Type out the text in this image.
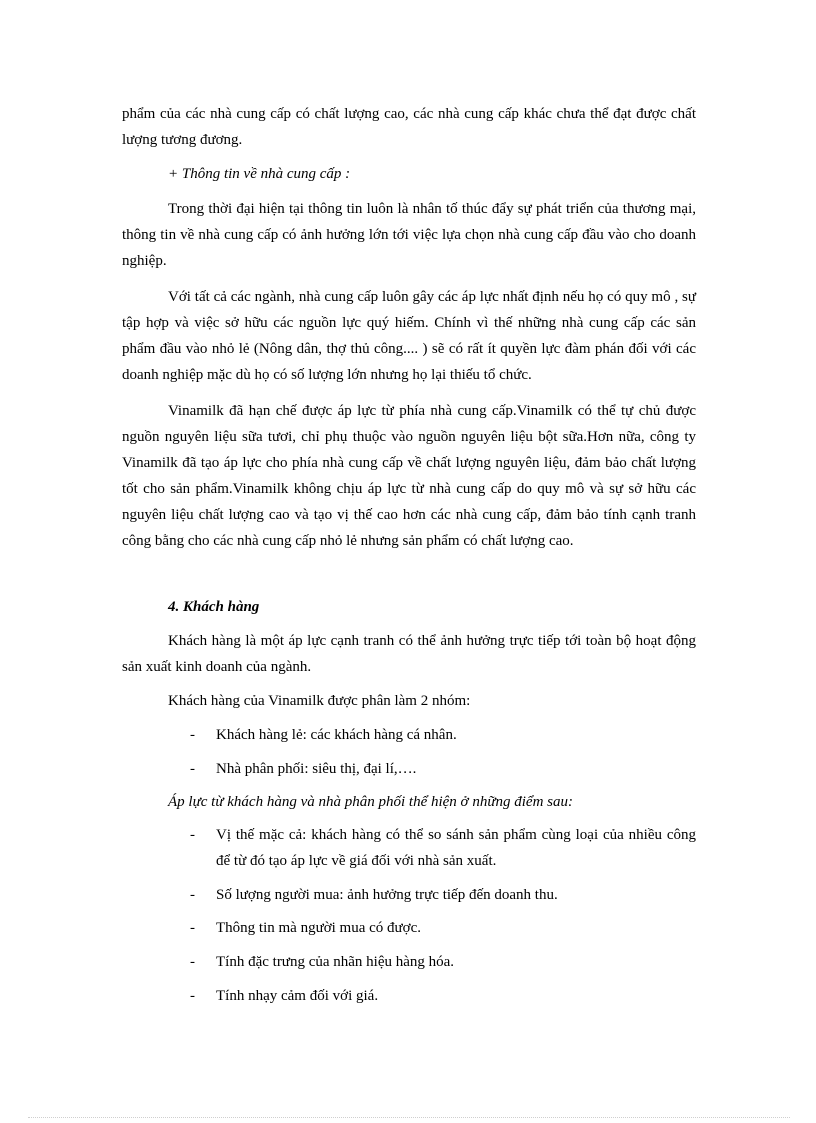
phẩm của các nhà cung cấp có chất lượng cao, các nhà cung cấp khác chưa thể đạt được chất lượng tương đương.

+ Thông tin về nhà cung cấp :

Trong thời đại hiện tại thông tin luôn là nhân tố thúc đẩy sự phát triển của thương mại, thông tin về nhà cung cấp có ảnh hưởng lớn tới việc lựa chọn nhà cung cấp đầu vào cho doanh nghiệp.

Với tất cả các ngành, nhà cung cấp luôn gây các áp lực nhất định nếu họ có quy mô , sự tập hợp và việc sở hữu các nguồn lực quý hiếm. Chính vì thế những nhà cung cấp các sản phẩm đầu vào nhỏ lẻ (Nông dân, thợ thủ công.... ) sẽ có rất ít quyền lực đàm phán đối với các doanh nghiệp mặc dù họ có số lượng lớn nhưng họ lại thiếu tổ chức.

Vinamilk đã hạn chế được áp lực từ phía nhà cung cấp.Vinamilk có thể tự chủ được nguồn nguyên liệu sữa tươi, chỉ phụ thuộc vào nguồn nguyên liệu bột sữa.Hơn nữa, công ty Vinamilk đã tạo áp lực cho phía nhà cung cấp về chất lượng nguyên liệu, đảm bảo chất lượng tốt cho sản phẩm.Vinamilk không chịu áp lực từ nhà cung cấp do quy mô và sự sở hữu các nguyên liệu chất lượng cao và tạo vị thế cao hơn các nhà cung cấp, đảm bảo tính cạnh tranh công bằng cho các nhà cung cấp nhỏ lẻ nhưng sản phẩm có chất lượng cao.

4. Khách hàng

Khách hàng là một áp lực cạnh tranh có thể ảnh hưởng trực tiếp tới toàn bộ hoạt động sản xuất kinh doanh của ngành.

Khách hàng của Vinamilk được phân làm 2 nhóm:

- Khách hàng lẻ: các khách hàng cá nhân.
- Nhà phân phối: siêu thị, đại lí,….

Áp lực từ khách hàng và nhà phân phối thể hiện ở những điểm sau:

- Vị thế mặc cả: khách hàng có thể so sánh sản phẩm cùng loại của nhiều công để từ đó tạo áp lực về giá đối với nhà sản xuất.
- Số lượng người mua: ảnh hưởng trực tiếp đến doanh thu.
- Thông tin mà người mua có được.
- Tính đặc trưng của nhãn hiệu hàng hóa.
- Tính nhạy cảm đối với giá.
